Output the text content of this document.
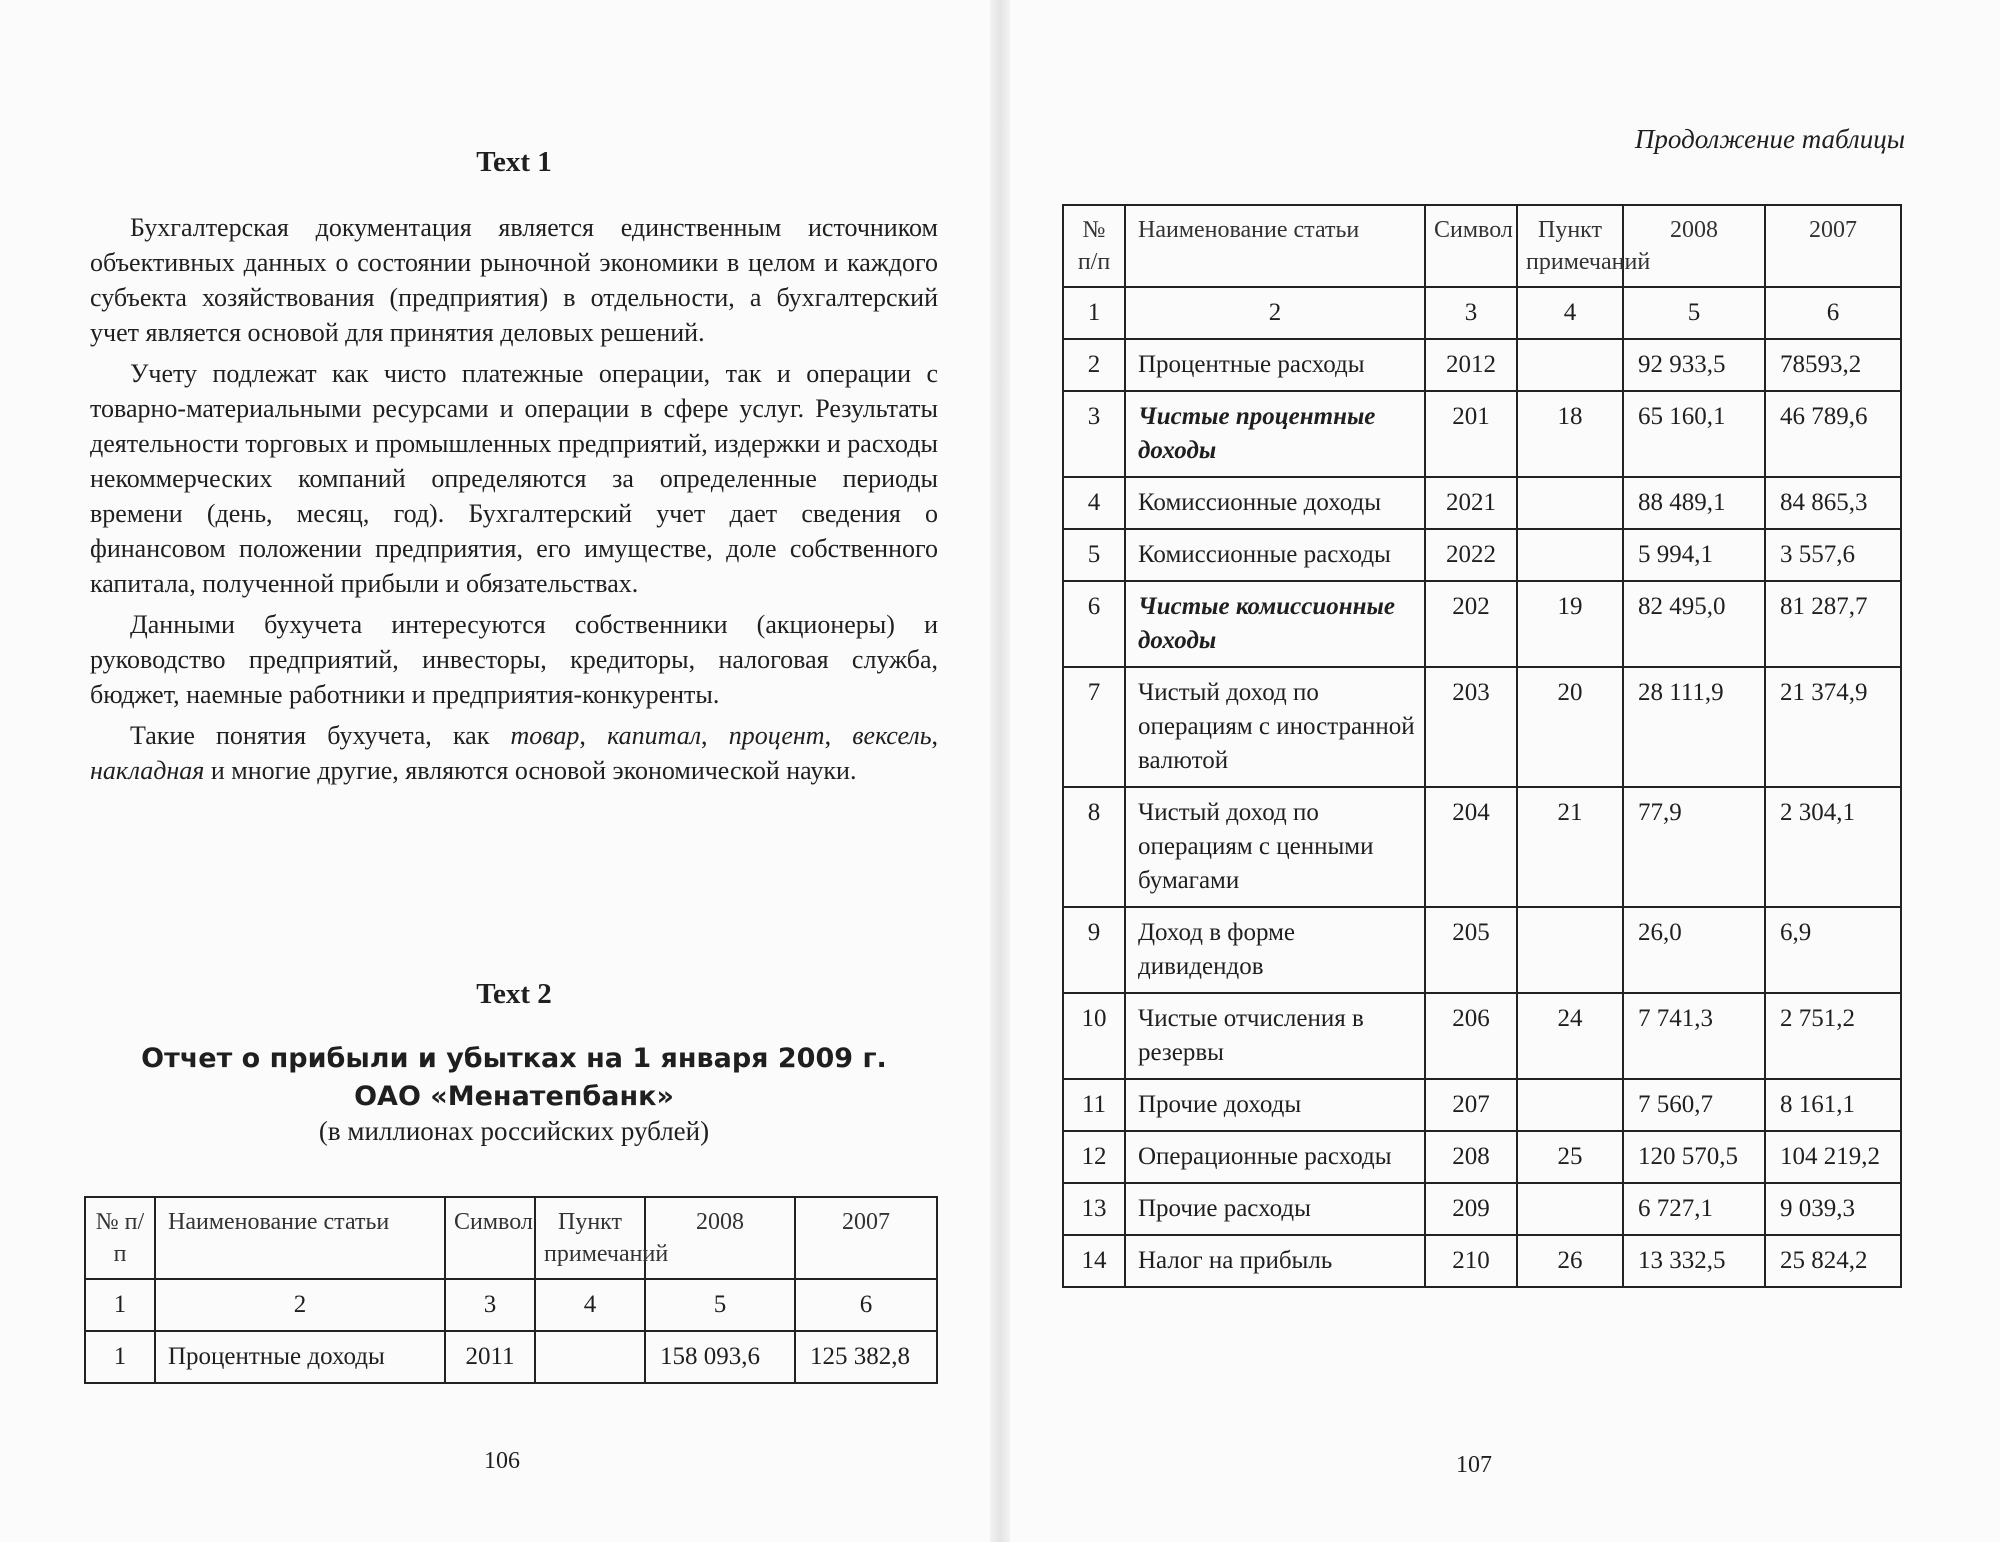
Text 1

Бухгалтерская документация является единственным источником объективных данных о состоянии рыночной экономики в целом и каждого субъекта хозяйствования (предприятия) в отдельности, а бухгалтерский учет является основой для принятия деловых решений.

Учету подлежат как чисто платежные операции, так и операции с товарно-материальными ресурсами и операции в сфере услуг. Результаты деятельности торговых и промышленных предприятий, издержки и расходы некоммерческих компаний определяются за определенные периоды времени (день, месяц, год). Бухгалтерский учет дает сведения о финансовом положении предприятия, его имуществе, доле собственного капитала, полученной прибыли и обязательствах.

Данными бухучета интересуются собственники (акционеры) и руководство предприятий, инвесторы, кредиторы, налоговая служба, бюджет, наемные работники и предприятия-конкуренты.

Такие понятия бухучета, как товар, капитал, процент, вексель, накладная и многие другие, являются основой экономической науки.

Text 2
Отчет о прибыли и убытках на 1 января 2009 г.
ОАО «Менатепбанк»
(в миллионах российских рублей)
№ п/п	Наименование статьи	Символ	Пункт примечаний	2008	2007
1	2	3	4	5	6
1	Процентные доходы	2011		158 093,6	125 382,8
106
Продолжение таблицы
№ п/п	Наименование статьи	Символ	Пункт примечаний	2008	2007
1	2	3	4	5	6
2	Процентные расходы	2012		92 933,5	78593,2
3	Чистые процентные доходы	201	18	65 160,1	46 789,6
4	Комиссионные доходы	2021		88 489,1	84 865,3
5	Комиссионные расходы	2022		5 994,1	3 557,6
6	Чистые комиссионные доходы	202	19	82 495,0	81 287,7
7	Чистый доход по операциям с иностранной валютой	203	20	28 111,9	21 374,9
8	Чистый доход по операциям с ценными бумагами	204	21	77,9	2 304,1
9	Доход в форме дивидендов	205		26,0	6,9
10	Чистые отчисления в резервы	206	24	7 741,3	2 751,2
11	Прочие доходы	207		7 560,7	8 161,1
12	Операционные расходы	208	25	120 570,5	104 219,2
13	Прочие расходы	209		6 727,1	9 039,3
14	Налог на прибыль	210	26	13 332,5	25 824,2
107
